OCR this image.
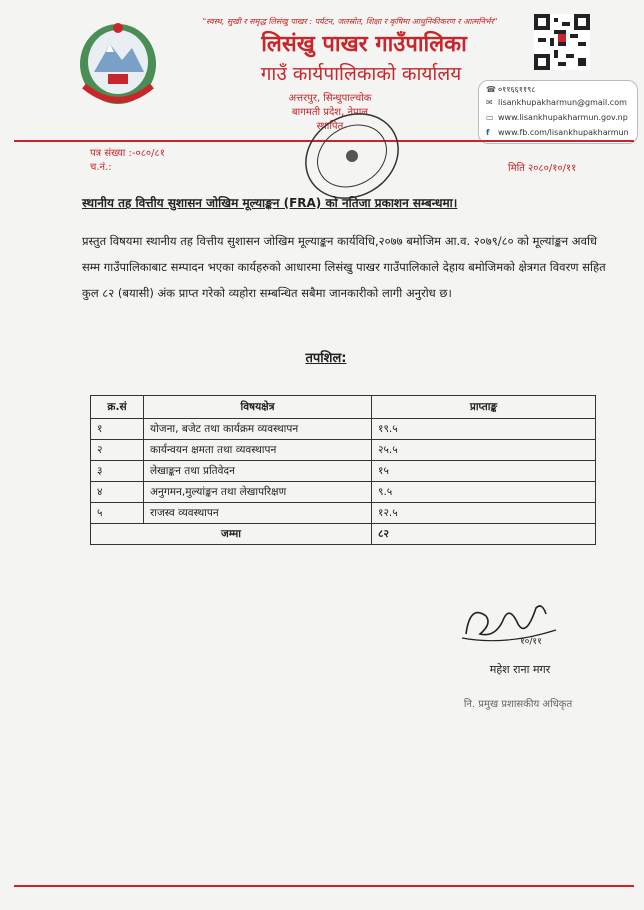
"स्वस्थ, सुखी र समृद्ध लिसंखु पाखर : पर्यटन, जलस्रोत, शिक्षा र कृषिमा आधुनिकीकरण र आत्मनिर्भर"
लिसंखु पाखर गाउँपालिका
गाउँ कार्यपालिकाको कार्यालय
अत्तरपुर, सिन्धुपाल्चोक
बागमती प्रदेश, नेपाल
स्थापित
☎ ०११६६११९८
✉ lisankhupakharmun@gmail.com
▭ www.lisankhupakharmun.gov.np
f www.fb.com/lisankhupakharmun
पत्र संख्या :-०८०/८१
च.नं.:	मिति २०८०/१०/११
स्थानीय तह वित्तीय सुशासन जोखिम मूल्याङ्कन (FRA) को नतिजा प्रकाशन सम्बन्धमा।
प्रस्तुत विषयमा स्थानीय तह वित्तीय सुशासन जोखिम मूल्याङ्कन कार्यविधि,२०७७ बमोजिम आ.व. २०७९/८० को मूल्यांङ्कन अवधि सम्म गाउँपालिकाबाट सम्पादन भएका कार्यहरुको आधारमा लिसंखु पाखर गाउँपालिकाले देहाय बमोजिमको क्षेत्रगत विवरण सहित कुल ८२ (बयासी) अंक प्राप्त गरेको व्यहोरा सम्बन्धित सबैमा जानकारीको लागी अनुरोध छ।
तपशिल:
क्र.सं	विषयक्षेत्र	प्राप्ताङ्क
१	योजना, बजेट तथा कार्यक्रम व्यवस्थापन	१९.५
२	कार्यन्वयन क्षमता तथा व्यवस्थापन	२५.५
३	लेखाङ्कन तथा प्रतिवेदन	१५
४	अनुगमन,मुल्यांङ्कन तथा लेखापरिक्षण	९.५
५	राजस्व व्यवस्थापन	१२.५
जम्मा		८२
१०/११
महेश राना मगर
नि. प्रमुख प्रशासकीय अधिकृत
